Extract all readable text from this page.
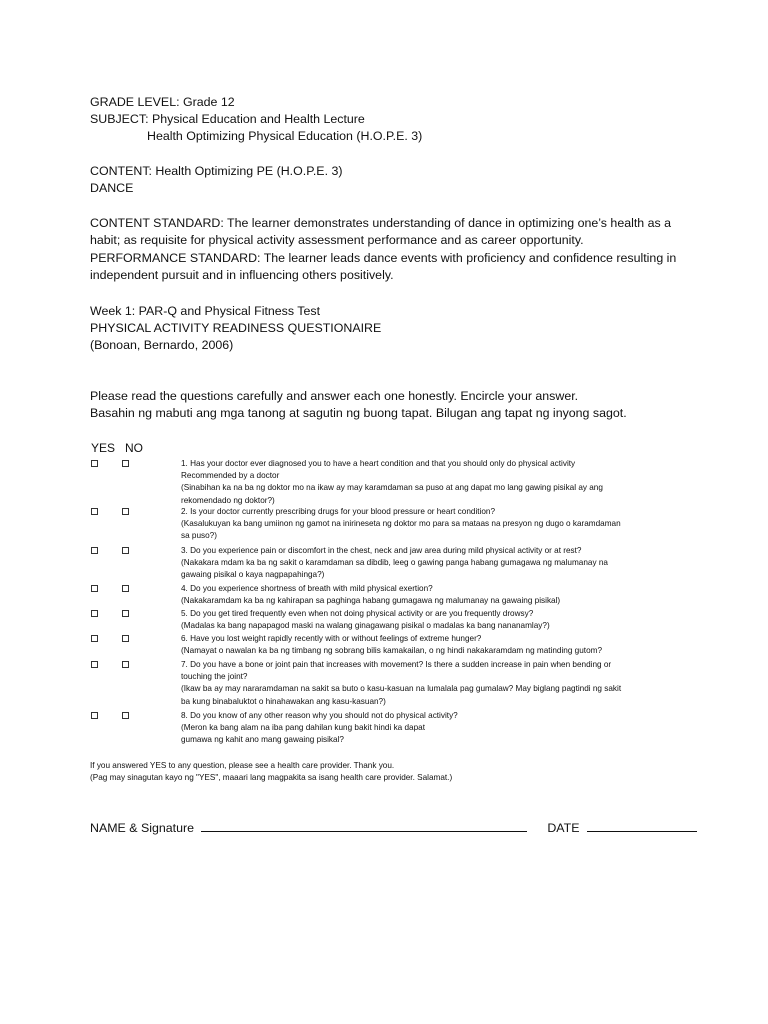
GRADE LEVEL: Grade 12
SUBJECT: Physical Education and Health Lecture
Health Optimizing Physical Education (H.O.P.E. 3)
CONTENT: Health Optimizing PE (H.O.P.E. 3)
DANCE
CONTENT STANDARD: The learner demonstrates understanding of dance in optimizing one’s health as a habit; as requisite for physical activity assessment performance and as career opportunity.
PERFORMANCE STANDARD: The learner leads dance events with proficiency and confidence resulting in independent pursuit and in influencing others positively.
Week 1: PAR-Q and Physical Fitness Test
PHYSICAL ACTIVITY READINESS QUESTIONAIRE
(Bonoan, Bernardo, 2006)
Please read the questions carefully and answer each one honestly. Encircle your answer.
Basahin ng mabuti ang mga tanong at sagutin ng buong tapat. Bilugan ang tapat ng inyong sagot.
YES NO
1. Has your doctor ever diagnosed you to have a heart condition and that you should only do physical activity
Recommended by a doctor
(Sinabihan ka na ba ng doktor mo na ikaw ay may karamdaman sa puso at ang dapat mo lang gawing pisikal ay ang
rekomendado ng doktor?)
2. Is your doctor currently prescribing drugs for your blood pressure or heart condition?
(Kasalukuyan ka bang umiinon ng gamot na inirineseta ng doktor mo para sa mataas na presyon ng dugo o karamdaman
sa puso?)
3. Do you experience pain or discomfort in the chest, neck and jaw area during mild physical activity or at rest?
(Nakakara mdam ka ba ng sakit o karamdaman sa dibdib, leeg o gawing panga habang gumagawa ng malumanay na
gawaing pisikal o kaya nagpapahinga?)
4. Do you experience shortness of breath with mild physical exertion?
(Nakakaramdam ka ba ng kahirapan sa paghinga habang gumagawa ng malumanay na gawaing pisikal)
5. Do you get tired frequently even when not doing physical activity or are you frequently drowsy?
(Madalas ka bang napapagod maski na walang ginagawang pisikal o madalas ka bang nananamlay?)
6. Have you lost weight rapidly recently with or without feelings of extreme hunger?
(Namayat o nawalan ka ba ng timbang ng sobrang bilis kamakailan, o ng hindi nakakaramdam ng matinding gutom?
7. Do you have a bone or joint pain that increases with movement? Is there a sudden increase in pain when bending or
touching the joint?
(Ikaw ba ay may nararamdaman na sakit sa buto o kasu-kasuan na lumalala pag gumalaw? May biglang pagtindi ng sakit
ba kung binabaluktot o hinahawakan ang kasu-kasuan?)
8. Do you know of any other reason why you should not do physical activity?
(Meron ka bang alam na iba pang dahilan kung bakit hindi ka dapat
gumawa ng kahit ano mang gawaing pisikal?
If you answered YES to any question, please see a health care provider. Thank you.
(Pag may sinagutan kayo ng "YES", maaari lang magpakita sa isang health care provider. Salamat.)
NAME & Signature	DATE
